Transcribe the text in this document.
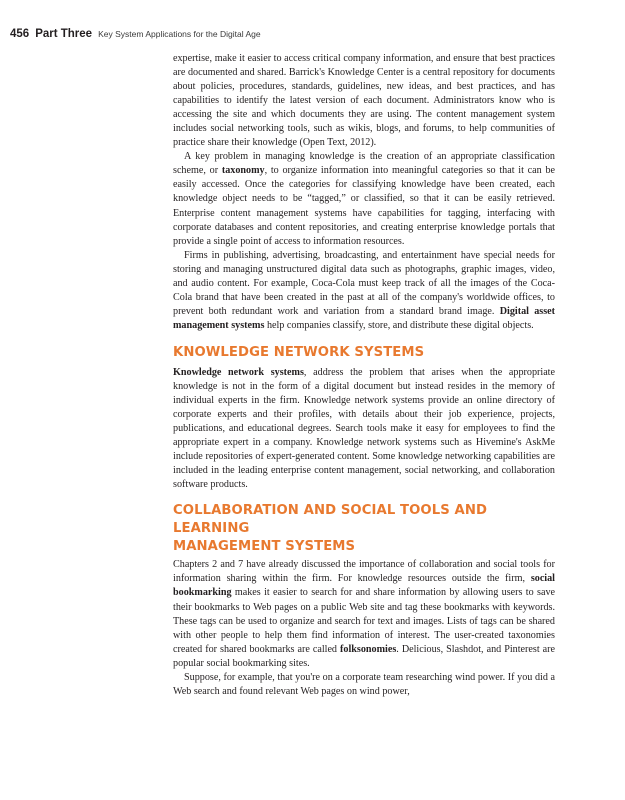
456 Part Three Key System Applications for the Digital Age

expertise, make it easier to access critical company information, and ensure that best practices are documented and shared. Barrick's Knowledge Center is a central repository for documents about policies, procedures, standards, guidelines, new ideas, and best practices, and has capabilities to identify the latest version of each document. Administrators know who is accessing the site and which documents they are using. The content management system includes social networking tools, such as wikis, blogs, and forums, to help communities of practice share their knowledge (Open Text, 2012).

A key problem in managing knowledge is the creation of an appropriate classification scheme, or taxonomy, to organize information into meaningful categories so that it can be easily accessed. Once the categories for classifying knowledge have been created, each knowledge object needs to be “tagged,” or classified, so that it can be easily retrieved. Enterprise content management systems have capabilities for tagging, interfacing with corporate databases and content repositories, and creating enterprise knowledge portals that provide a single point of access to information resources.

Firms in publishing, advertising, broadcasting, and entertainment have special needs for storing and managing unstructured digital data such as photographs, graphic images, video, and audio content. For example, Coca-Cola must keep track of all the images of the Coca-Cola brand that have been created in the past at all of the company's worldwide offices, to prevent both redundant work and variation from a standard brand image. Digital asset management systems help companies classify, store, and distribute these digital objects.

KNOWLEDGE NETWORK SYSTEMS

Knowledge network systems, address the problem that arises when the appropriate knowledge is not in the form of a digital document but instead resides in the memory of individual experts in the firm. Knowledge network systems provide an online directory of corporate experts and their profiles, with details about their job experience, projects, publications, and educational degrees. Search tools make it easy for employees to find the appropriate expert in a company. Knowledge network systems such as Hivemine's AskMe include repositories of expert-generated content. Some knowledge networking capabilities are included in the leading enterprise content management, social networking, and collaboration software products.

COLLABORATION AND SOCIAL TOOLS AND LEARNING
MANAGEMENT SYSTEMS

Chapters 2 and 7 have already discussed the importance of collaboration and social tools for information sharing within the firm. For knowledge resources outside the firm, social bookmarking makes it easier to search for and share information by allowing users to save their bookmarks to Web pages on a public Web site and tag these bookmarks with keywords. These tags can be used to organize and search for text and images. Lists of tags can be shared with other people to help them find information of interest. The user-created taxonomies created for shared bookmarks are called folksonomies. Delicious, Slashdot, and Pinterest are popular social bookmarking sites.

Suppose, for example, that you're on a corporate team researching wind power. If you did a Web search and found relevant Web pages on wind power,
